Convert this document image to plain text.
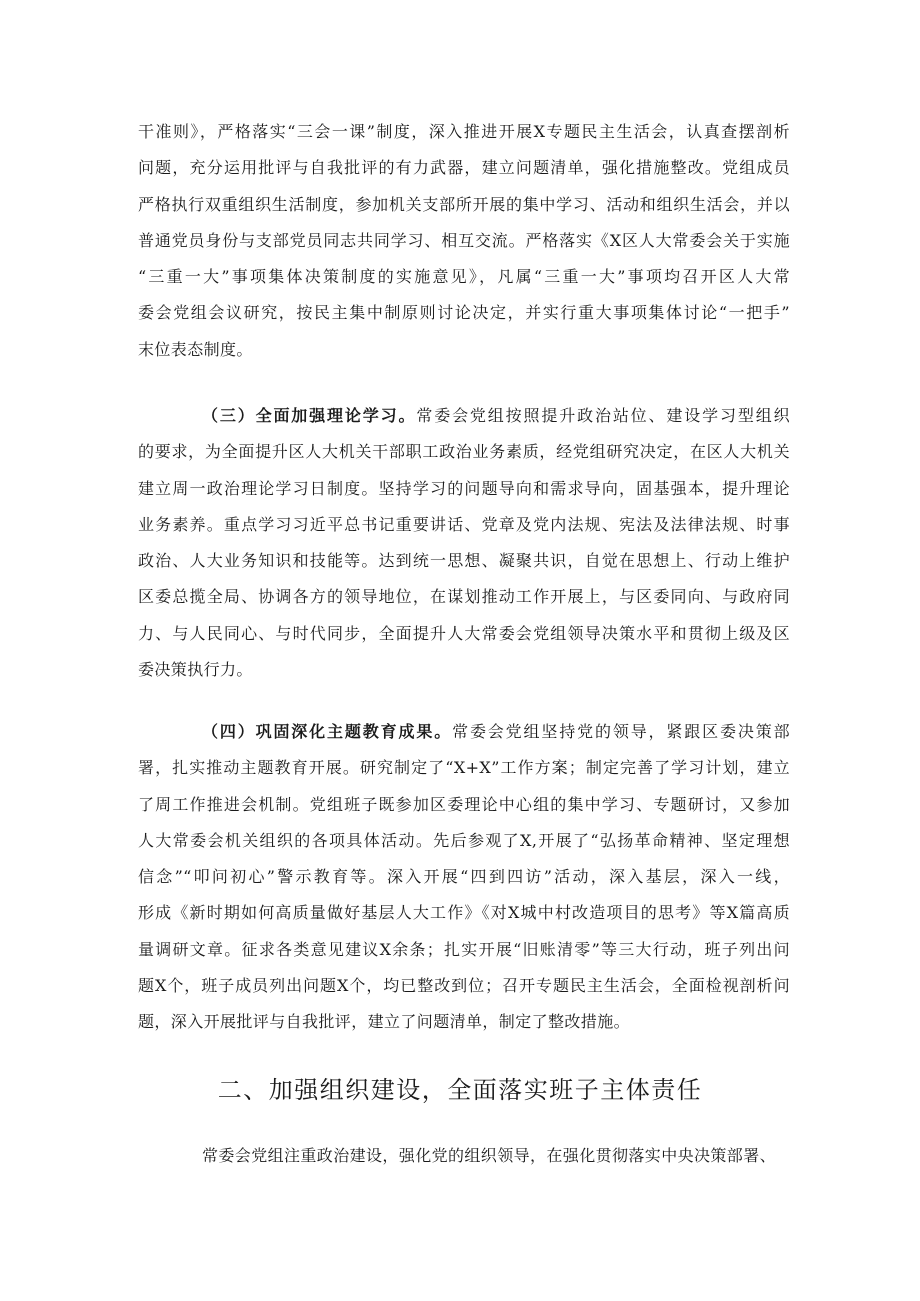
干准则》，严格落实“三会一课”制度，深入推进开展X专题民主生活会，认真查摆剖析
问题，充分运用批评与自我批评的有力武器，建立问题清单，强化措施整改。党组成员
严格执行双重组织生活制度，参加机关支部所开展的集中学习、活动和组织生活会，并以
普通党员身份与支部党员同志共同学习、相互交流。严格落实《X区人大常委会关于实施
“三重一大”事项集体决策制度的实施意见》，凡属“三重一大”事项均召开区人大常
委会党组会议研究，按民主集中制原则讨论决定，并实行重大事项集体讨论“一把手”
末位表态制度。
（三）全面加强理论学习。常委会党组按照提升政治站位、建设学习型组织
的要求，为全面提升区人大机关干部职工政治业务素质，经党组研究决定，在区人大机关
建立周一政治理论学习日制度。坚持学习的问题导向和需求导向，固基强本，提升理论
业务素养。重点学习习近平总书记重要讲话、党章及党内法规、宪法及法律法规、时事
政治、人大业务知识和技能等。达到统一思想、凝聚共识，自觉在思想上、行动上维护
区委总揽全局、协调各方的领导地位，在谋划推动工作开展上，与区委同向、与政府同
力、与人民同心、与时代同步，全面提升人大常委会党组领导决策水平和贯彻上级及区
委决策执行力。
（四）巩固深化主题教育成果。常委会党组坚持党的领导，紧跟区委决策部
署，扎实推动主题教育开展。研究制定了“X+X”工作方案；制定完善了学习计划，建立
了周工作推进会机制。党组班子既参加区委理论中心组的集中学习、专题研讨，又参加
人大常委会机关组织的各项具体活动。先后参观了X,开展了“弘扬革命精神、坚定理想
信念”“叩问初心”警示教育等。深入开展“四到四访”活动，深入基层，深入一线，
形成《新时期如何高质量做好基层人大工作》《对X城中村改造项目的思考》等X篇高质
量调研文章。征求各类意见建议X余条；扎实开展“旧账清零”等三大行动，班子列出问
题X个，班子成员列出问题X个，均已整改到位；召开专题民主生活会，全面检视剖析问
题，深入开展批评与自我批评，建立了问题清单，制定了整改措施。
二、加强组织建设，全面落实班子主体责任
常委会党组注重政治建设，强化党的组织领导，在强化贯彻落实中央决策部署、
